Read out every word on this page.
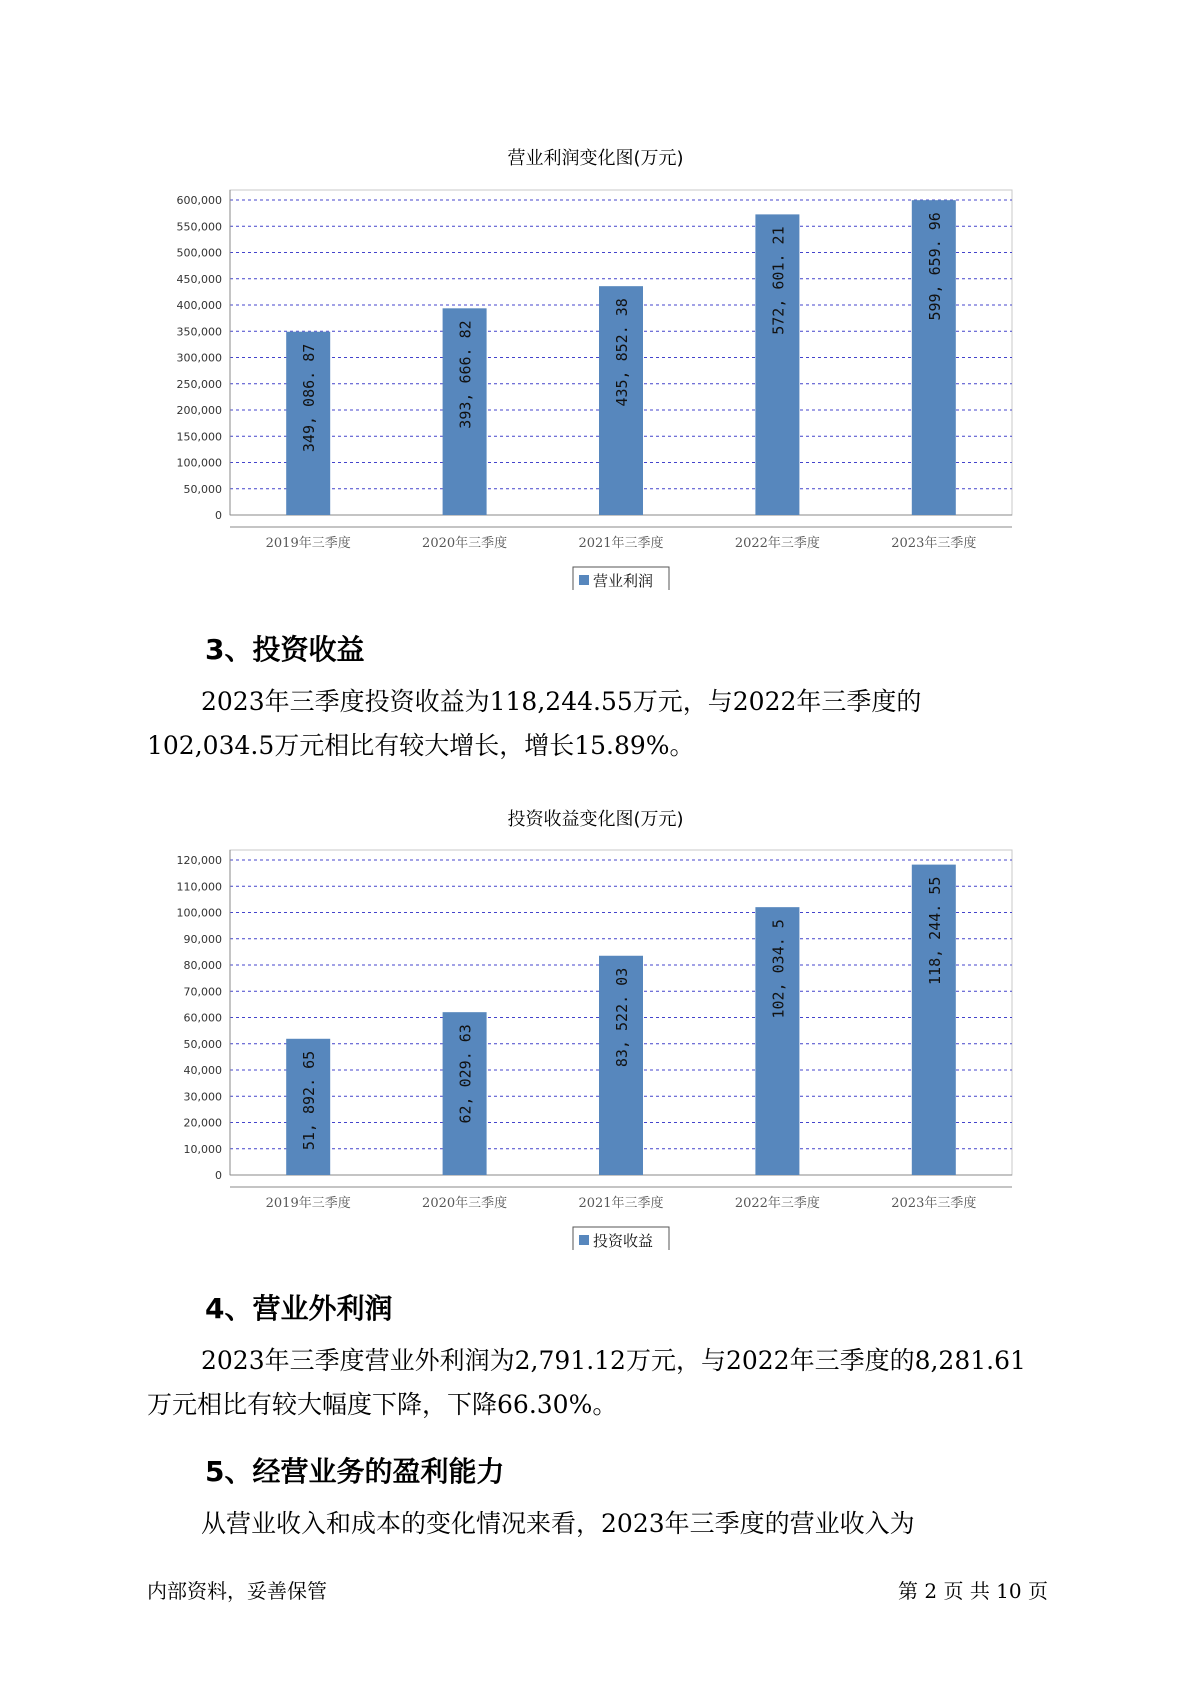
营业利润变化图(万元)
0
50,000
100,000
150,000
200,000
250,000
300,000
350,000
400,000
450,000
500,000
550,000
600,000
349, 086. 87
2019年三季度
393, 666. 82
2020年三季度
435, 852. 38
2021年三季度
572, 601. 21
2022年三季度
599, 659. 96
2023年三季度
营业利润
3、投资收益
2023年三季度投资收益为118,244.55万元，与2022年三季度的
102,034.5万元相比有较大增长，增长15.89%。
投资收益变化图(万元)
0
10,000
20,000
30,000
40,000
50,000
60,000
70,000
80,000
90,000
100,000
110,000
120,000
51, 892. 65
2019年三季度
62, 029. 63
2020年三季度
83, 522. 03
2021年三季度
102, 034. 5
2022年三季度
118, 244. 55
2023年三季度
投资收益
4、营业外利润
2023年三季度营业外利润为2,791.12万元，与2022年三季度的8,281.61
万元相比有较大幅度下降，下降66.30%。
5、经营业务的盈利能力
从营业收入和成本的变化情况来看，2023年三季度的营业收入为
内部资料，妥善保管	第 2 页 共 10 页
